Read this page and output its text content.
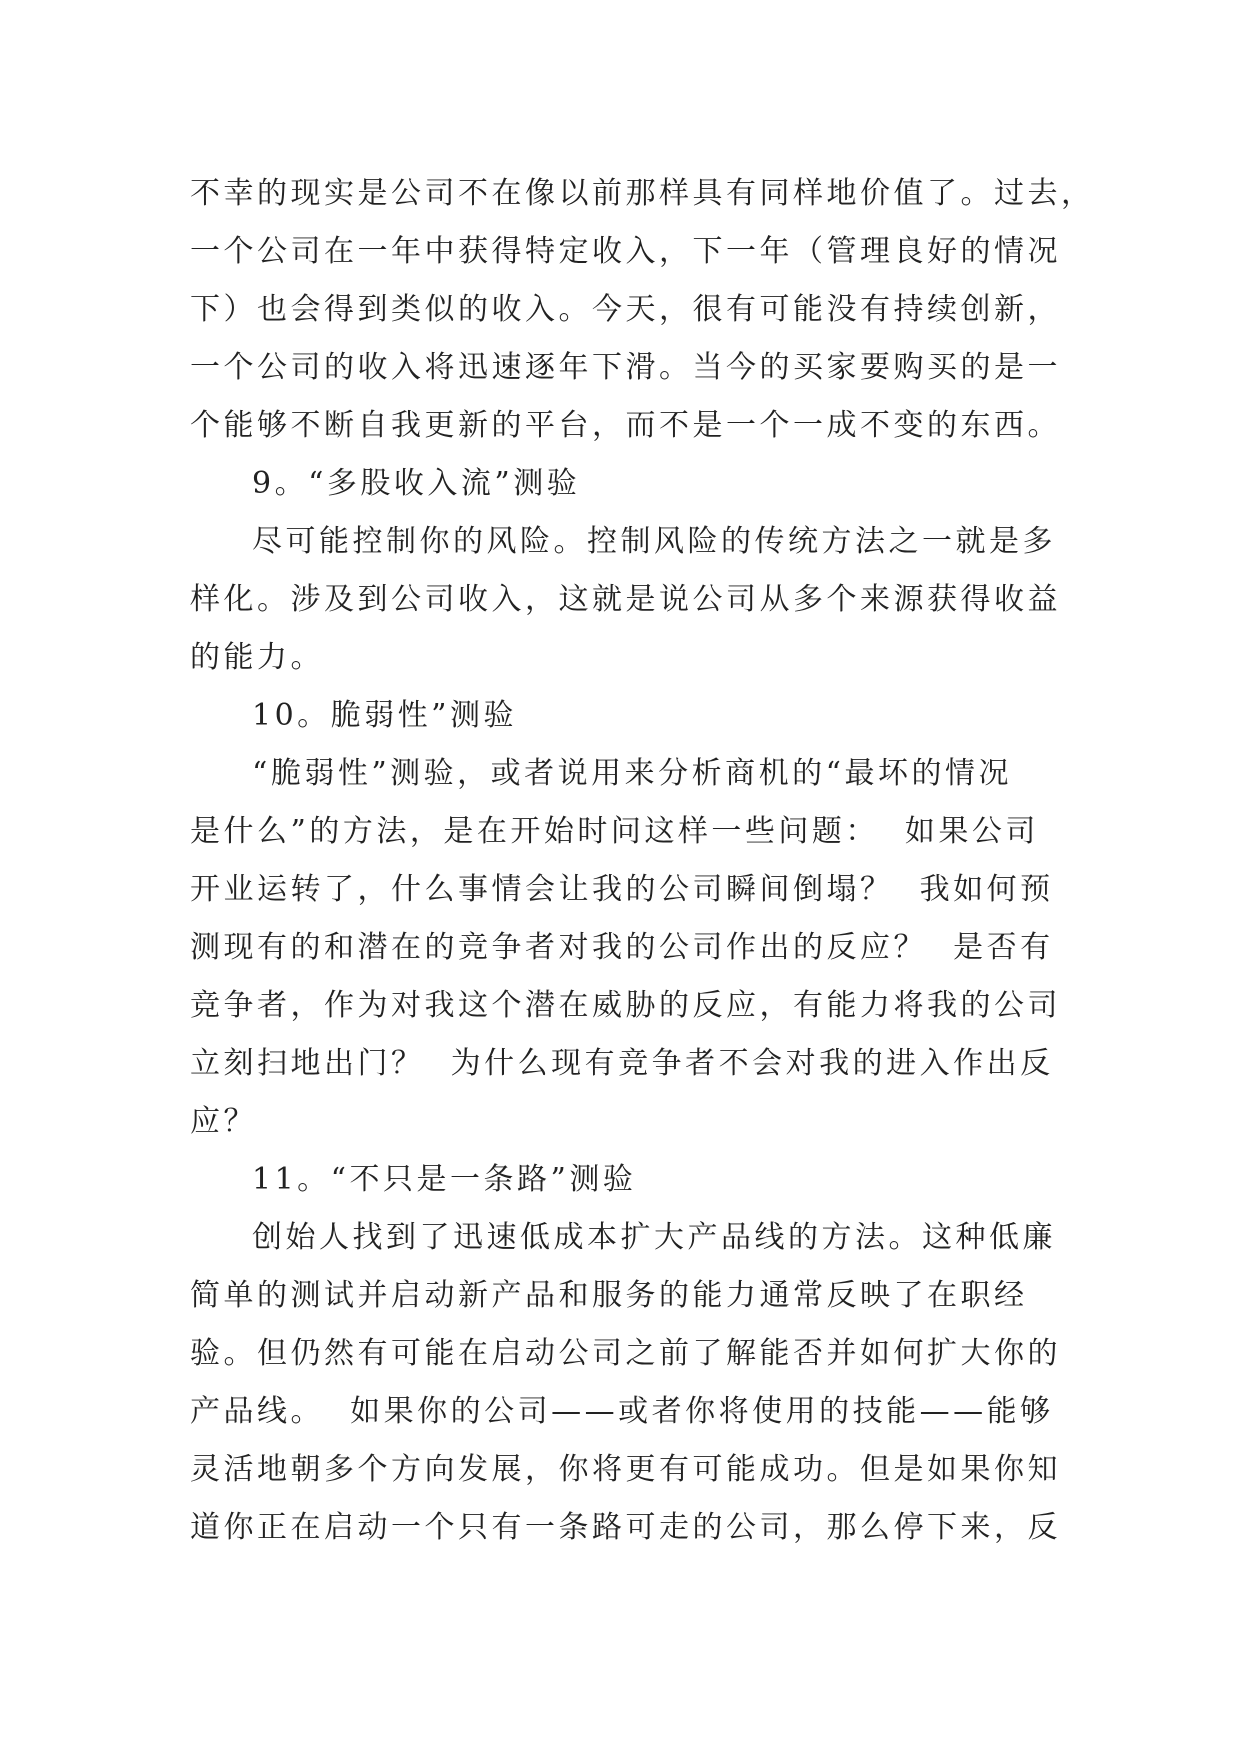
不幸的现实是公司不在像以前那样具有同样地价值了。过去，
一个公司在一年中获得特定收入，下一年（管理良好的情况
下）也会得到类似的收入。今天，很有可能没有持续创新，
一个公司的收入将迅速逐年下滑。当今的买家要购买的是一
个能够不断自我更新的平台，而不是一个一成不变的东西。
9。“多股收入流”测验
尽可能控制你的风险。控制风险的传统方法之一就是多
样化。涉及到公司收入，这就是说公司从多个来源获得收益
的能力。
10。脆弱性”测验
“脆弱性”测验，或者说用来分析商机的“最坏的情况
是什么”的方法，是在开始时问这样一些问题：  如果公司
开业运转了，什么事情会让我的公司瞬间倒塌？  我如何预
测现有的和潜在的竞争者对我的公司作出的反应？  是否有
竞争者，作为对我这个潜在威胁的反应，有能力将我的公司
立刻扫地出门？  为什么现有竞争者不会对我的进入作出反
应？
11。“不只是一条路”测验
创始人找到了迅速低成本扩大产品线的方法。这种低廉
简单的测试并启动新产品和服务的能力通常反映了在职经
验。但仍然有可能在启动公司之前了解能否并如何扩大你的
产品线。  如果你的公司——或者你将使用的技能——能够
灵活地朝多个方向发展，你将更有可能成功。但是如果你知
道你正在启动一个只有一条路可走的公司，那么停下来，反
